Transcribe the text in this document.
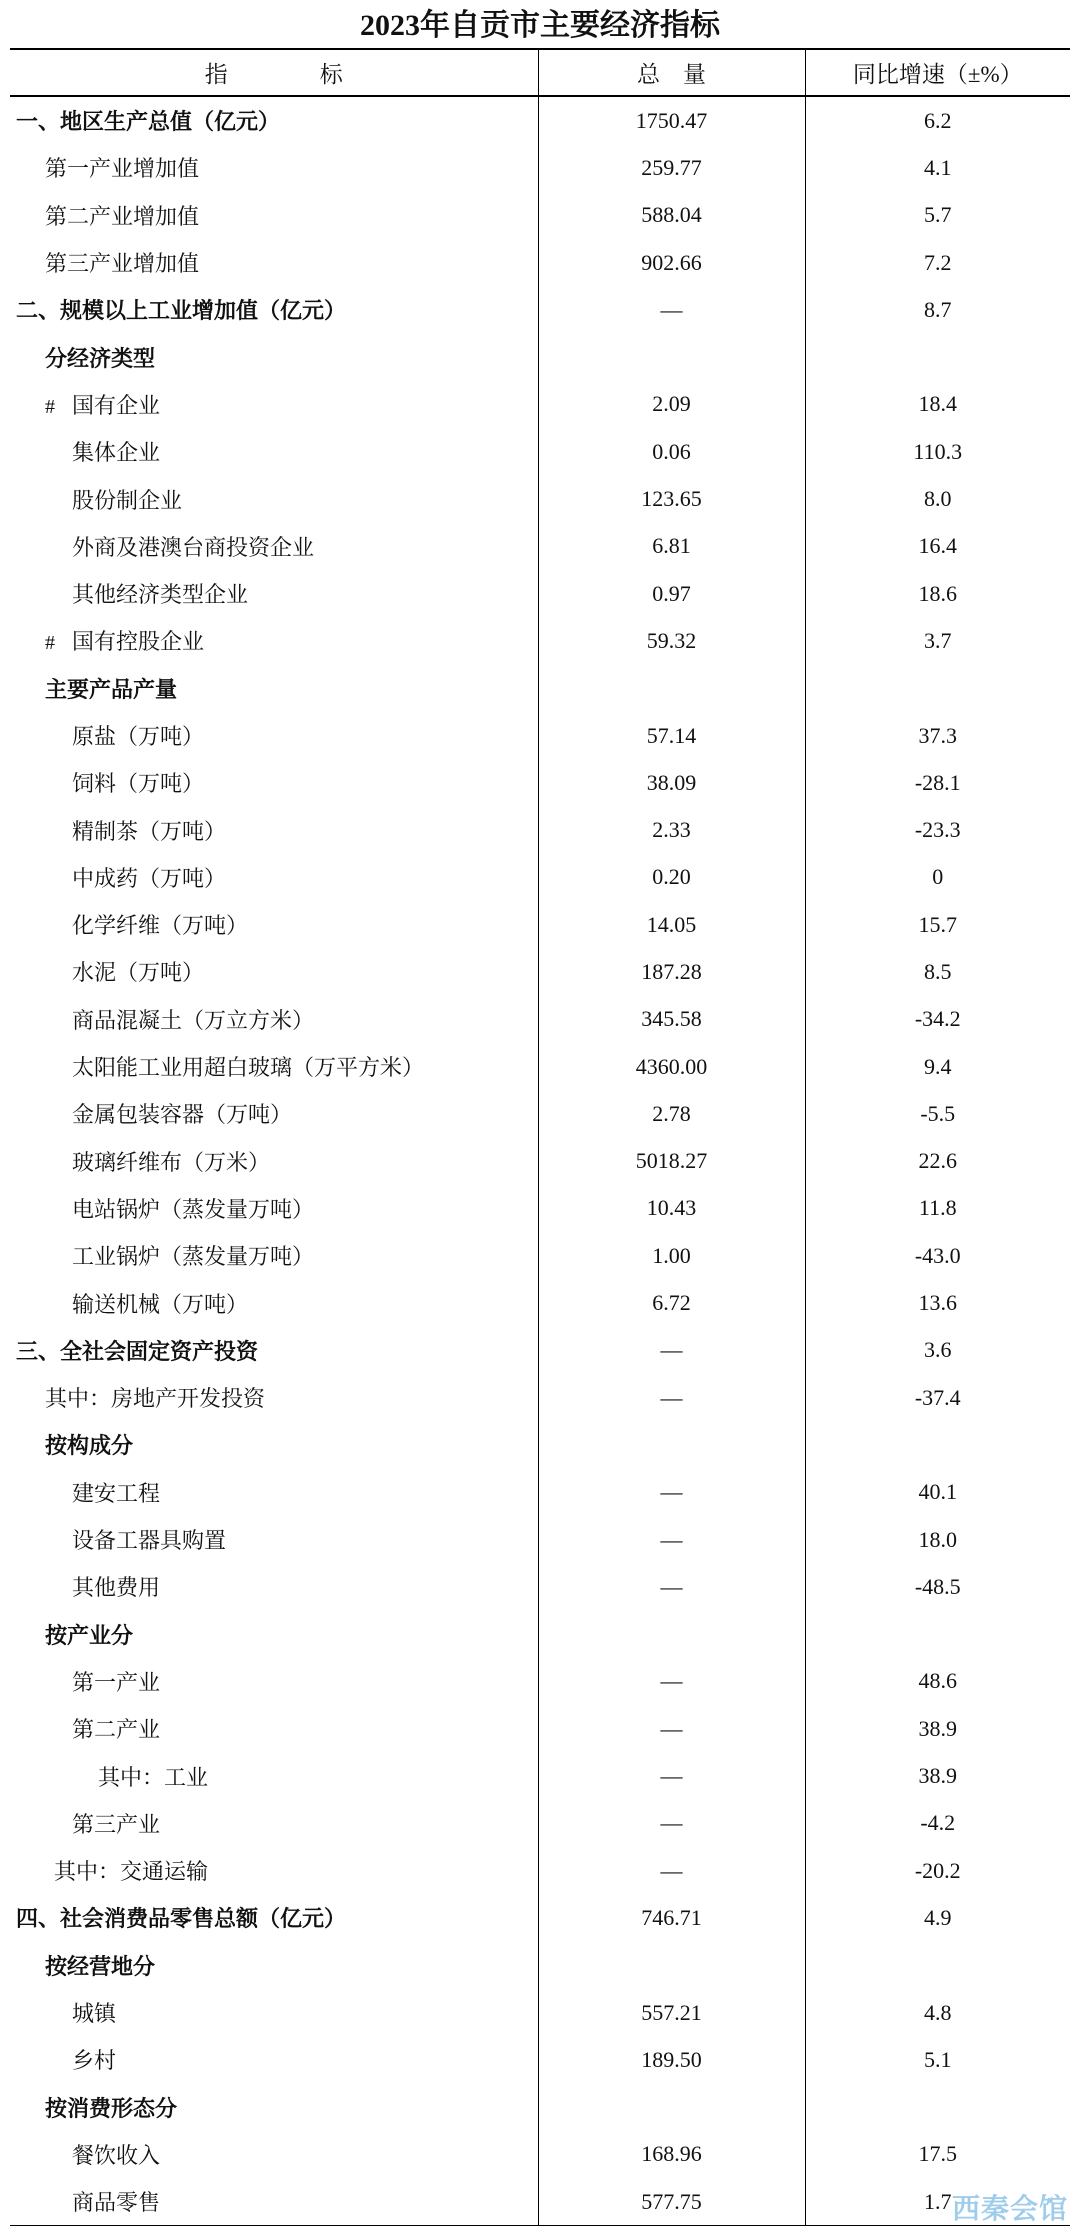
2023年自贡市主要经济指标
指　　　　标	总　量	同比增速（±%）
一、地区生产总值（亿元）	1750.47	6.2
第一产业增加值	259.77	4.1
第二产业增加值	588.04	5.7
第三产业增加值	902.66	7.2
二、规模以上工业增加值（亿元）	—	8.7
分经济类型		
# 国有企业	2.09	18.4
集体企业	0.06	110.3
股份制企业	123.65	8.0
外商及港澳台商投资企业	6.81	16.4
其他经济类型企业	0.97	18.6
# 国有控股企业	59.32	3.7
主要产品产量		
原盐（万吨）	57.14	37.3
饲料（万吨）	38.09	-28.1
精制茶（万吨）	2.33	-23.3
中成药（万吨）	0.20	0
化学纤维（万吨）	14.05	15.7
水泥（万吨）	187.28	8.5
商品混凝土（万立方米）	345.58	-34.2
太阳能工业用超白玻璃（万平方米）	4360.00	9.4
金属包装容器（万吨）	2.78	-5.5
玻璃纤维布（万米）	5018.27	22.6
电站锅炉（蒸发量万吨）	10.43	11.8
工业锅炉（蒸发量万吨）	1.00	-43.0
输送机械（万吨）	6.72	13.6
三、全社会固定资产投资	—	3.6
其中：房地产开发投资	—	-37.4
按构成分		
建安工程	—	40.1
设备工器具购置	—	18.0
其他费用	—	-48.5
按产业分		
第一产业	—	48.6
第二产业	—	38.9
其中：工业	—	38.9
第三产业	—	-4.2
其中：交通运输	—	-20.2
四、社会消费品零售总额（亿元）	746.71	4.9
按经营地分		
城镇	557.21	4.8
乡村	189.50	5.1
按消费形态分		
餐饮收入	168.96	17.5
商品零售	577.75	1.7 西秦会馆
